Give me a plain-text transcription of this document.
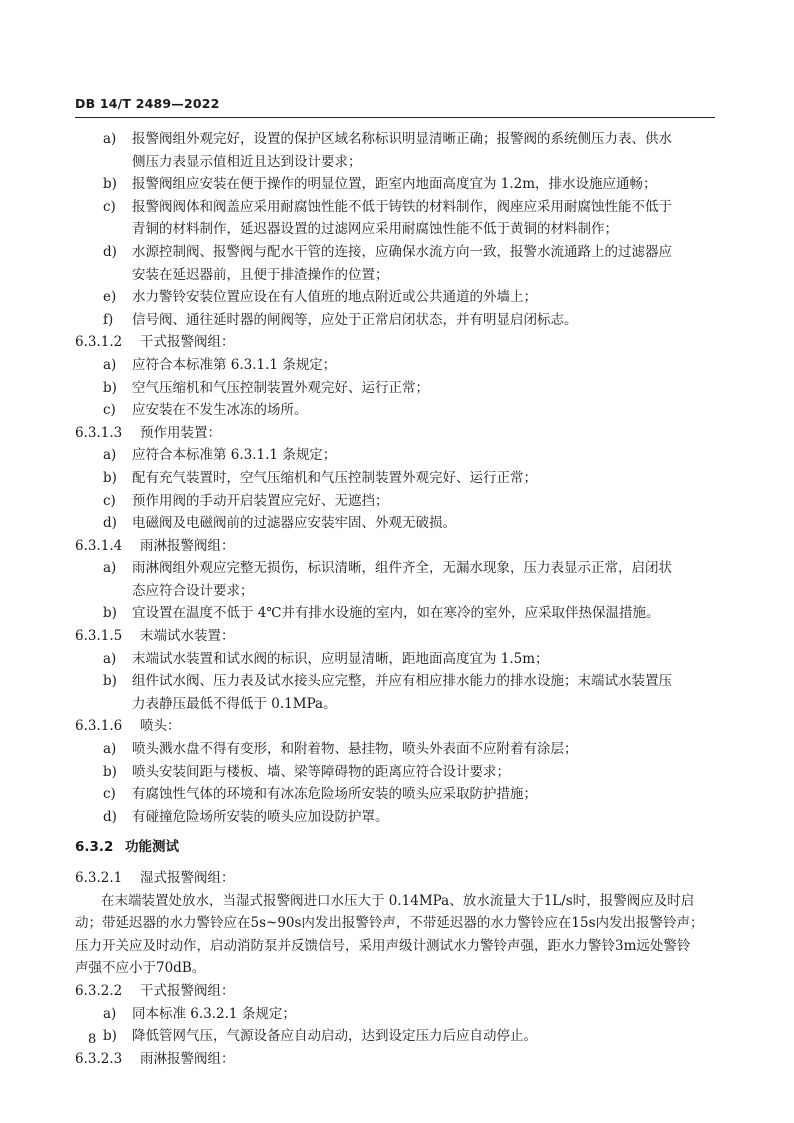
DB 14/T 2489—2022
a) 报警阀组外观完好，设置的保护区域名称标识明显清晰正确；报警阀的系统侧压力表、供水
侧压力表显示值相近且达到设计要求；
b) 报警阀组应安装在便于操作的明显位置，距室内地面高度宜为 1.2m，排水设施应通畅；
c) 报警阀阀体和阀盖应采用耐腐蚀性能不低于铸铁的材料制作，阀座应采用耐腐蚀性能不低于
青铜的材料制作，延迟器设置的过滤网应采用耐腐蚀性能不低于黄铜的材料制作；
d) 水源控制阀、报警阀与配水干管的连接，应确保水流方向一致，报警水流通路上的过滤器应
安装在延迟器前，且便于排渣操作的位置；
e) 水力警铃安装位置应设在有人值班的地点附近或公共通道的外墙上；
f) 信号阀、通往延时器的闸阀等，应处于正常启闭状态，并有明显启闭标志。
6.3.1.2 干式报警阀组：
a) 应符合本标准第 6.3.1.1 条规定；
b) 空气压缩机和气压控制装置外观完好、运行正常；
c) 应安装在不发生冰冻的场所。
6.3.1.3 预作用装置：
a) 应符合本标准第 6.3.1.1 条规定；
b) 配有充气装置时，空气压缩机和气压控制装置外观完好、运行正常；
c) 预作用阀的手动开启装置应完好、无遮挡；
d) 电磁阀及电磁阀前的过滤器应安装牢固、外观无破损。
6.3.1.4 雨淋报警阀组：
a) 雨淋阀组外观应完整无损伤，标识清晰，组件齐全，无漏水现象，压力表显示正常，启闭状
态应符合设计要求；
b) 宜设置在温度不低于 4℃并有排水设施的室内，如在寒冷的室外，应采取伴热保温措施。
6.3.1.5 末端试水装置：
a) 末端试水装置和试水阀的标识，应明显清晰，距地面高度宜为 1.5m；
b) 组件试水阀、压力表及试水接头应完整，并应有相应排水能力的排水设施；末端试水装置压
力表静压最低不得低于 0.1MPa。
6.3.1.6 喷头：
a) 喷头溅水盘不得有变形，和附着物、悬挂物，喷头外表面不应附着有涂层；
b) 喷头安装间距与楼板、墙、梁等障碍物的距离应符合设计要求；
c) 有腐蚀性气体的环境和有冰冻危险场所安装的喷头应采取防护措施；
d) 有碰撞危险场所安装的喷头应加设防护罩。
6.3.2 功能测试
6.3.2.1 湿式报警阀组：
在末端装置处放水，当湿式报警阀进口水压大于 0.14MPa、放水流量大于1L/s时，报警阀应及时启
动；带延迟器的水力警铃应在5s~90s内发出报警铃声，不带延迟器的水力警铃应在15s内发出报警铃声；
压力开关应及时动作，启动消防泵并反馈信号，采用声级计测试水力警铃声强，距水力警铃3m远处警铃
声强不应小于70dB。
6.3.2.2 干式报警阀组：
a) 同本标准 6.3.2.1 条规定；
b) 降低管网气压，气源设备应自动启动，达到设定压力后应自动停止。
6.3.2.3 雨淋报警阀组：
8
